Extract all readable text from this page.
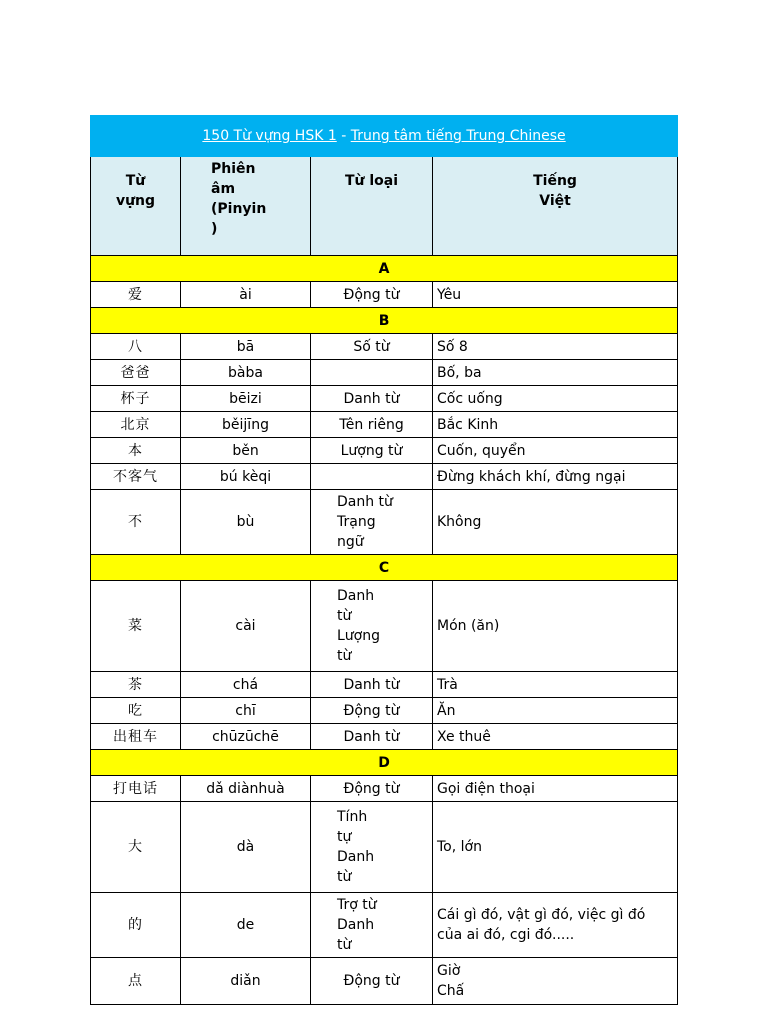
150 Từ vựng HSK 1 - Trung tâm tiếng Trung Chinese			
Từ
vựng	Phiên
âm
(Pinyin
)	Từ loại	Tiếng
Việt
A			
爱	ài	Động từ	Yêu
B			
八	bā	Số từ	Số 8
爸爸	bàba		Bố, ba
杯子	bēizi	Danh từ	Cốc uống
北京	běijīng	Tên riêng	Bắc Kinh
本	běn	Lượng từ	Cuốn, quyển
不客气	bú kèqi		Đừng khách khí, đừng ngại
不	bù	Danh từ
Trạng
ngữ	Không
C			
菜	cài	Danh
từ
Lượng
từ	Món (ăn)
茶	chá	Danh từ	Trà
吃	chī	Động từ	Ăn
出租车	chūzūchē	Danh từ	Xe thuê
D			
打电话	dǎ diànhuà	Động từ	Gọi điện thoại
大	dà	Tính
tự
Danh
từ	To, lớn
的	de	Trợ từ
Danh
từ	Cái gì đó, vật gì đó, việc gì đó của ai đó, cgi đó.....
点	diǎn	Động từ	Giờ
Chấ
